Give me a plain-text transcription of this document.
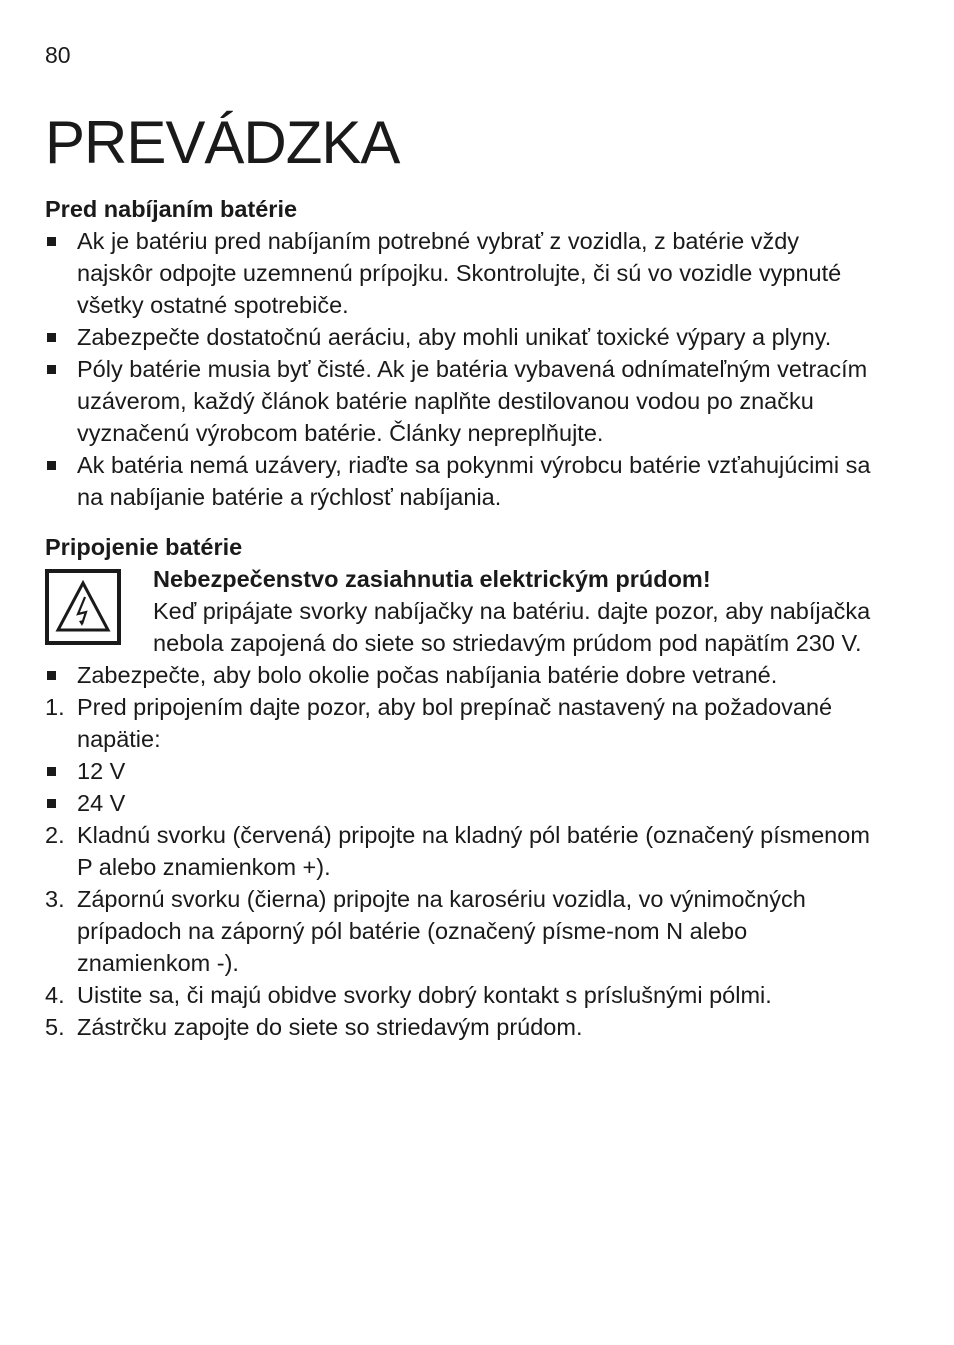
80
PREVÁDZKA

Pred nabíjaním batérie

Ak je batériu pred nabíjaním potrebné vybrať z vozidla, z batérie vždy najskôr odpojte uzemnenú prípojku. Skontrolujte, či sú vo vozidle vypnuté všetky ostatné spotrebiče.
Zabezpečte dostatočnú aeráciu, aby mohli unikať toxické výpary a plyny.
Póly batérie musia byť čisté. Ak je batéria vybavená odnímateľným vetracím uzáverom, každý článok batérie naplňte destilovanou vodou po značku vyznačenú výrobcom batérie. Články nepreplňujte.
Ak batéria nemá uzávery, riaďte sa pokynmi výrobcu batérie vzťahujúcimi sa na nabíjanie batérie a rýchlosť nabíjania.

Pripojenie batérie

Nebezpečenstvo zasiahnutia elektrickým prúdom!
Keď pripájate svorky nabíjačky na batériu. dajte pozor, aby nabíjačka nebola zapojená do siete so striedavým prúdom pod napätím 230 V.
Zabezpečte, aby bolo okolie počas nabíjania batérie dobre vetrané.
1. Pred pripojením dajte pozor, aby bol prepínač nastavený na požadované napätie:
12 V
24 V
2. Kladnú svorku (červená) pripojte na kladný pól batérie (označený písmenom P alebo znamienkom +).
3. Zápornú svorku (čierna) pripojte na karosériu vozidla, vo výnimočných prípadoch na záporný pól batérie (označený písme-nom N alebo znamienkom -).
4. Uistite sa, či majú obidve svorky dobrý kontakt s príslušnými pólmi.
5. Zástrčku zapojte do siete so striedavým prúdom.
